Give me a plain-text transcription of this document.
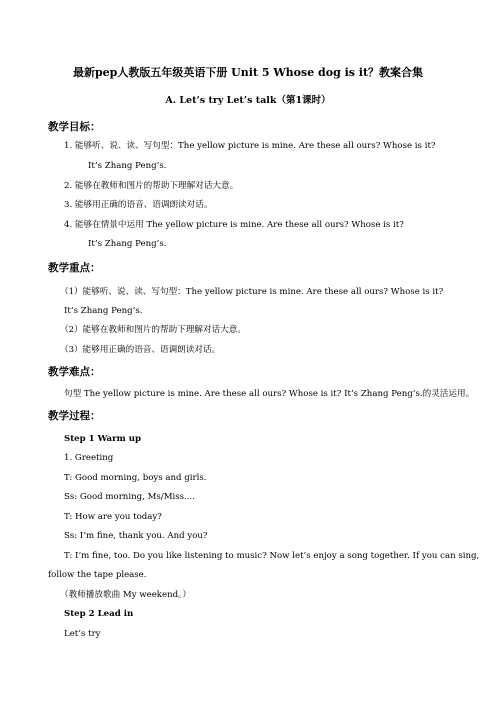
最新pep人教版五年级英语下册 Unit 5 Whose dog is it？教案合集
A. Let’s try Let’s talk（第1课时）
教学目标：
1. 能够听、说、读、写句型：The yellow picture is mine. Are these all ours? Whose is it?
It’s Zhang Peng’s.
2. 能够在教师和图片的帮助下理解对话大意。
3. 能够用正确的语音、语调朗读对话。
4. 能够在情景中运用 The yellow picture is mine. Are these all ours? Whose is it?
It’s Zhang Peng’s.
教学重点：
（1）能够听、说、读、写句型：The yellow picture is mine. Are these all ours? Whose is it?
It’s Zhang Peng’s.
（2）能够在教师和图片的帮助下理解对话大意。
（3）能够用正确的语音、语调朗读对话。
教学难点：
句型 The yellow picture is mine. Are these all ours? Whose is it? It’s Zhang Peng’s.的灵活运用。
教学过程：
Step 1 Warm up
1. Greeting
T: Good morning, boys and girls.
Ss: Good morning, Ms/Miss....
T: How are you today?
Ss: I’m fine, thank you. And you?
T: I’m fine, too. Do you like listening to music? Now let’s enjoy a song together. If you can sing,
follow the tape please.
（教师播放歌曲 My weekend。）
Step 2 Lead in
Let’s try
